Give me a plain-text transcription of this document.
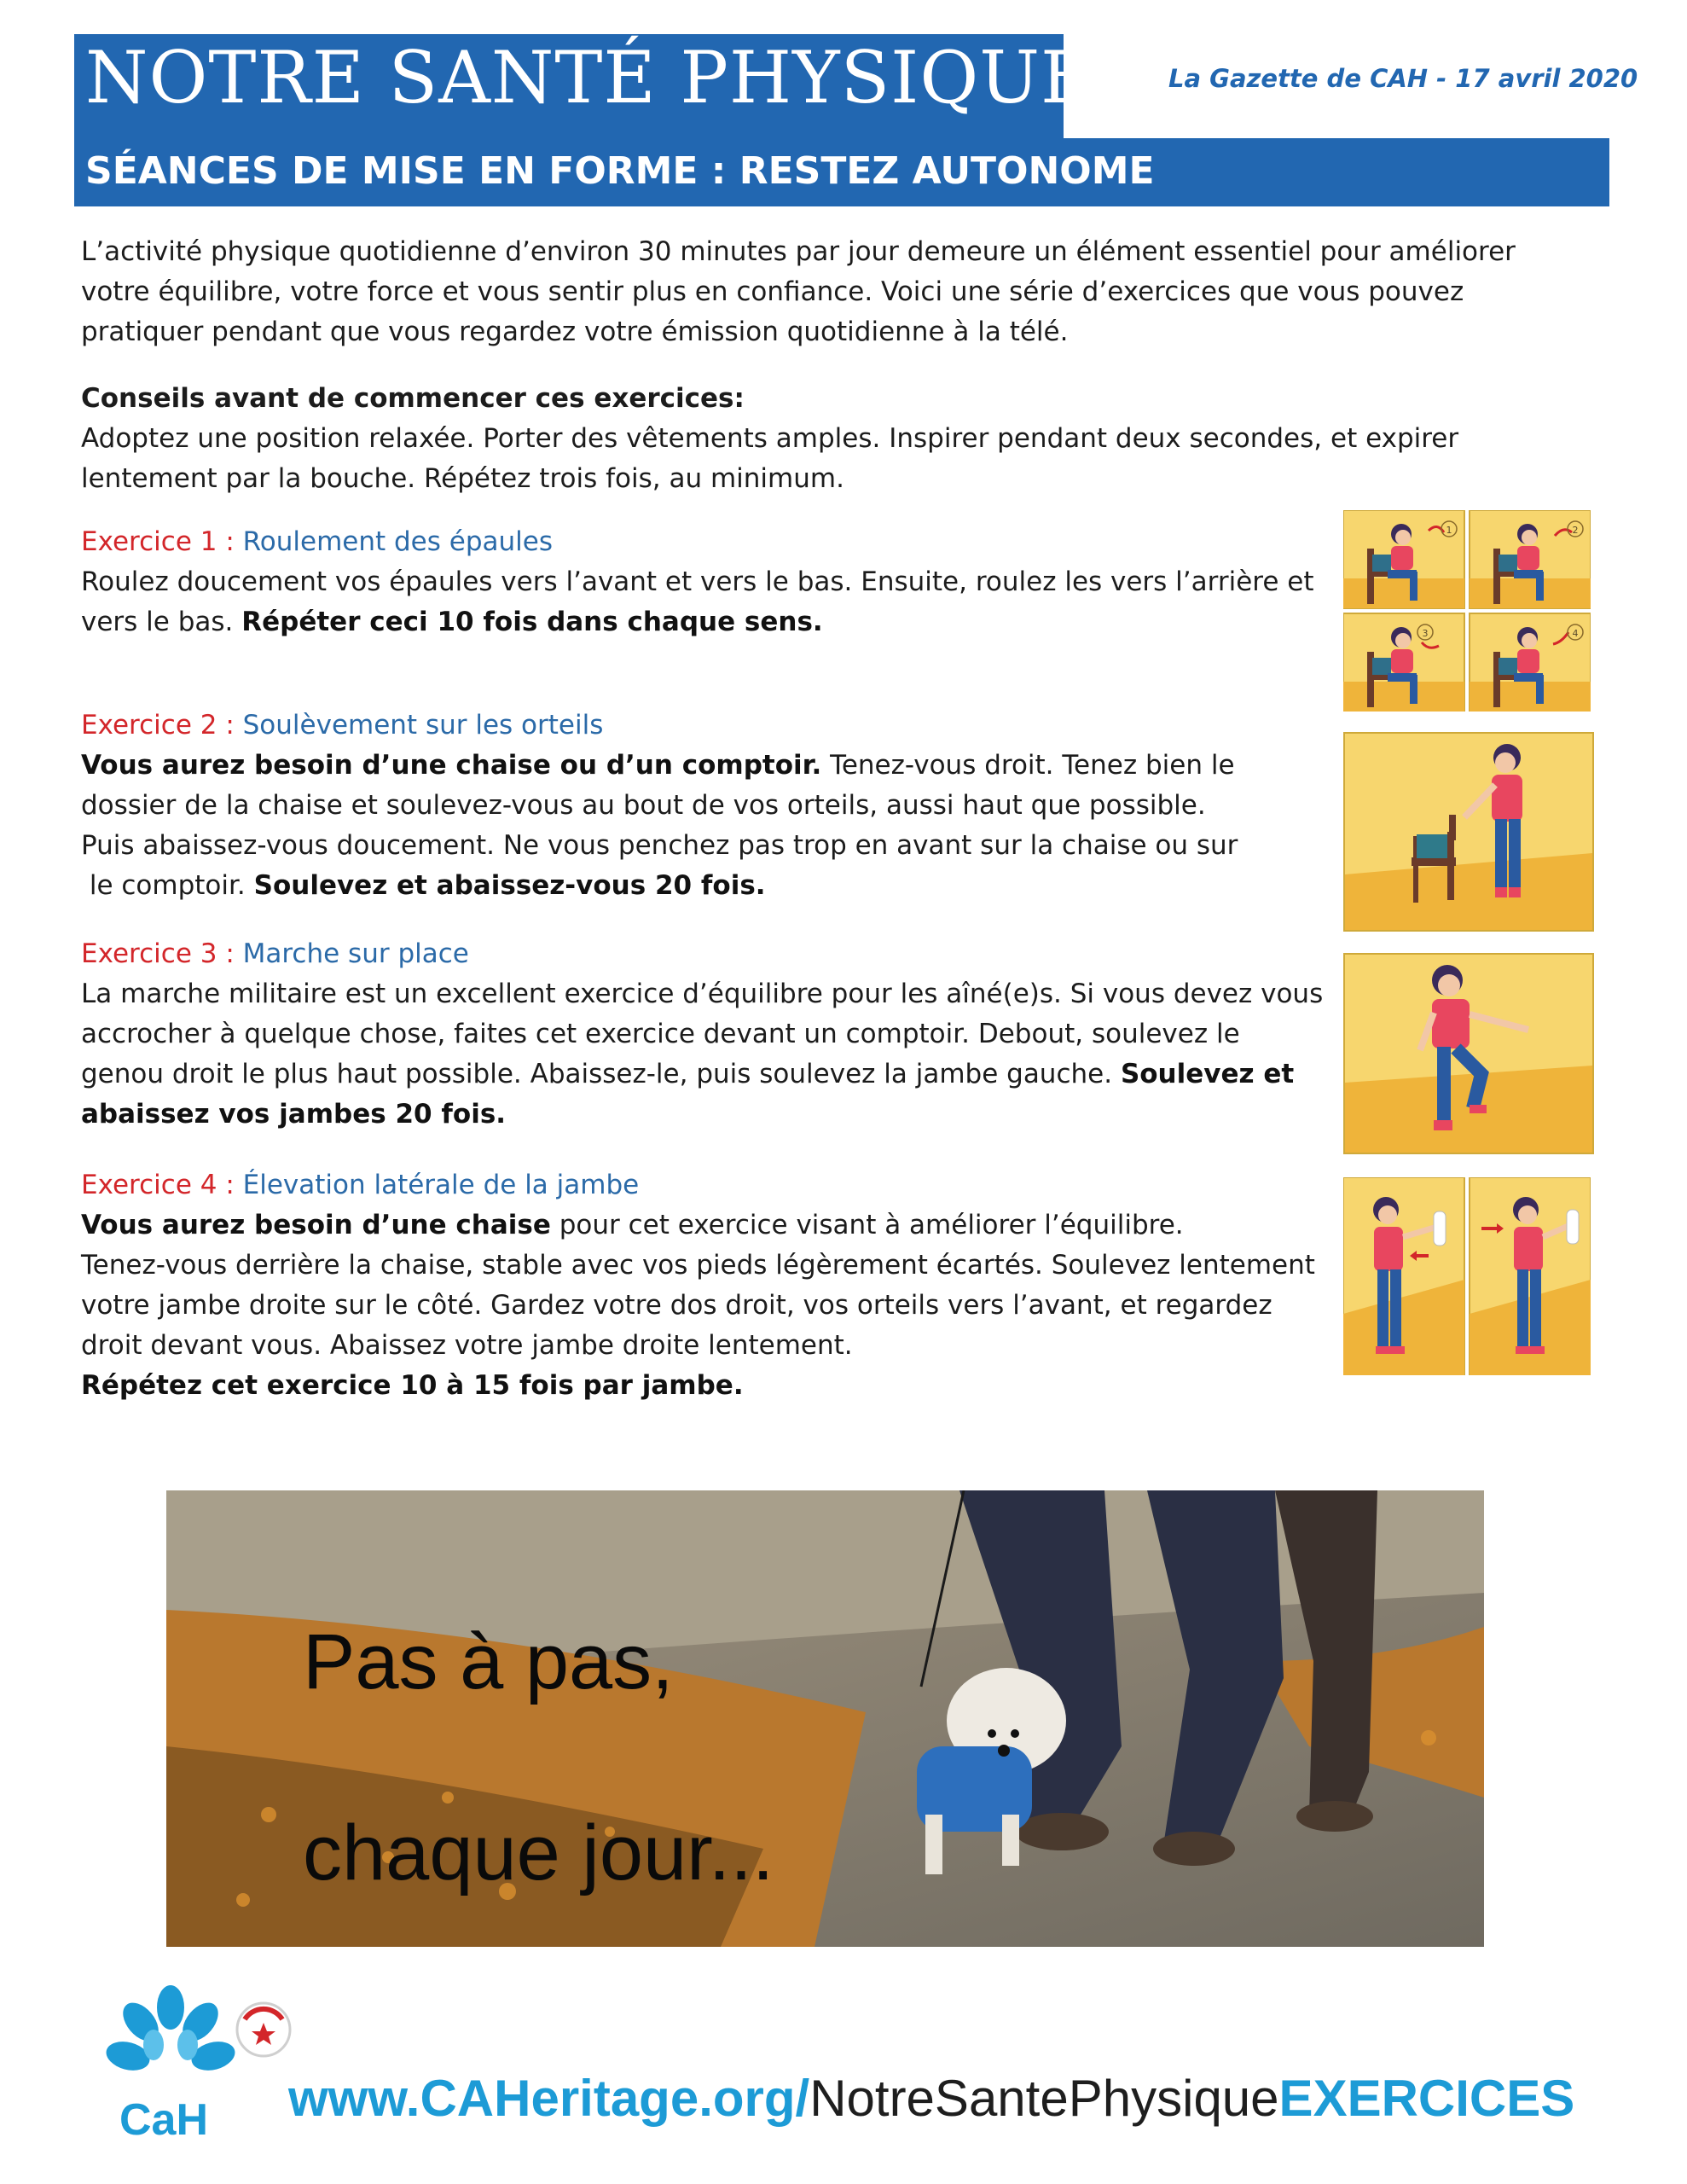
NOTRE SANTÉ PHYSIQUE	La Gazette de CAH - 17 avril 2020
SÉANCES DE MISE EN FORME : RESTEZ AUTONOME
L’activité physique quotidienne d’environ 30 minutes par jour demeure un élément essentiel pour améliorer
votre équilibre, votre force et vous sentir plus en confiance. Voici une série d’exercices que vous pouvez
pratiquer pendant que vous regardez votre émission quotidienne à la télé.
Conseils avant de commencer ces exercices:
Adoptez une position relaxée. Porter des vêtements amples. Inspirer pendant deux secondes, et expirer
lentement par la bouche. Répétez trois fois, au minimum.
Exercice 1 : Roulement des épaules
Roulez doucement vos épaules vers l’avant et vers le bas. Ensuite, roulez les vers l’arrière et
vers le bas. Répéter ceci 10 fois dans chaque sens.
Exercice 2 : Soulèvement sur les orteils
Vous aurez besoin d’une chaise ou d’un comptoir. Tenez-vous droit. Tenez bien le
dossier de la chaise et soulevez-vous au bout de vos orteils, aussi haut que possible.
Puis abaissez-vous doucement. Ne vous penchez pas trop en avant sur la chaise ou sur
le comptoir. Soulevez et abaissez-vous 20 fois.
Exercice 3 : Marche sur place
La marche militaire est un excellent exercice d’équilibre pour les aîné(e)s. Si vous devez vous
accrocher à quelque chose, faites cet exercice devant un comptoir. Debout, soulevez le
genou droit le plus haut possible. Abaissez-le, puis soulevez la jambe gauche. Soulevez et
abaissez vos jambes 20 fois.
Exercice 4 : Élevation latérale de la jambe
Vous aurez besoin d’une chaise pour cet exercice visant à améliorer l’équilibre.
Tenez-vous derrière la chaise, stable avec vos pieds légèrement écartés. Soulevez lentement
votre jambe droite sur le côté. Gardez votre dos droit, vos orteils vers l’avant, et regardez
droit devant vous. Abaissez votre jambe droite lentement.
Répétez cet exercice 10 à 15 fois par jambe.
1	2
3	4

Pas à pas,

chaque jour...

CaH www.CAHeritage.org/NotreSantePhysiqueEXERCICES
